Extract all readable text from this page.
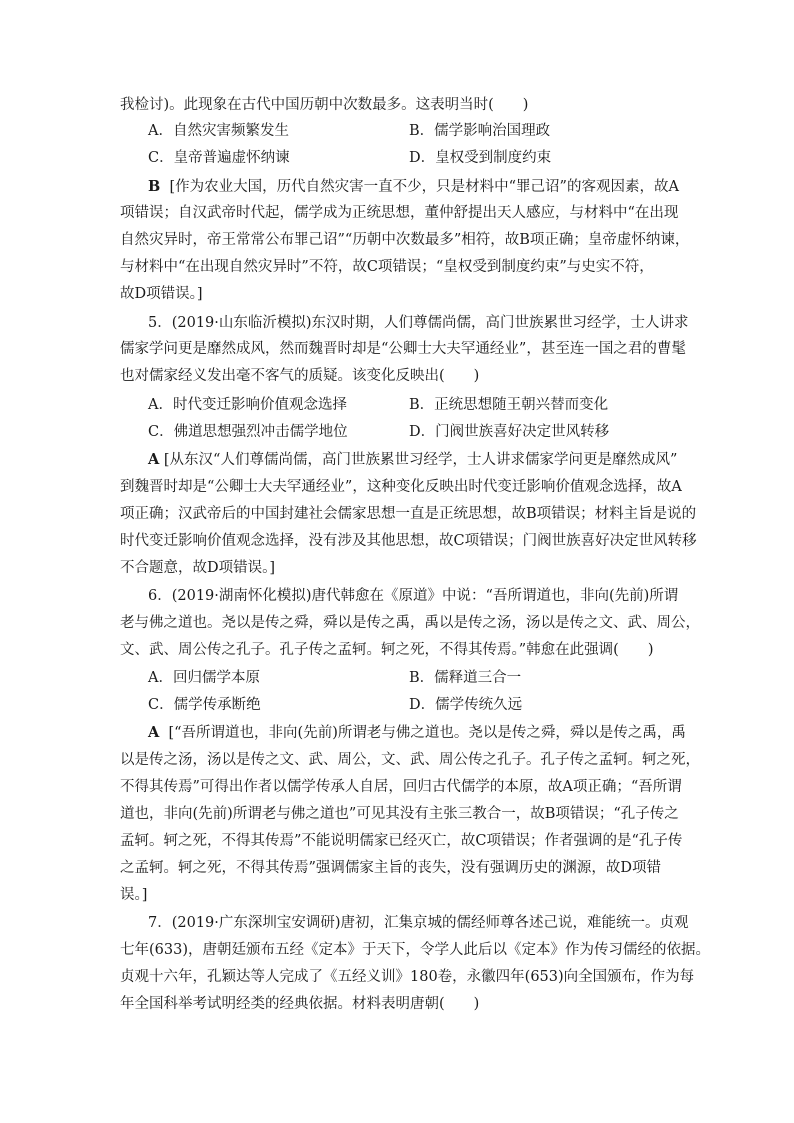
我检讨)。此现象在古代中国历朝中次数最多。这表明当时(　　)
A．自然灾害频繁发生	B．儒学影响治国理政
C．皇帝普遍虚怀纳谏	D．皇权受到制度约束
B [作为农业大国，历代自然灾害一直不少，只是材料中“罪己诏”的客观因素，故A
项错误；自汉武帝时代起，儒学成为正统思想，董仲舒提出天人感应，与材料中“在出现
自然灾异时，帝王常常公布罪己诏”“历朝中次数最多”相符，故B项正确；皇帝虚怀纳谏，
与材料中“在出现自然灾异时”不符，故C项错误；“皇权受到制度约束”与史实不符，
故D项错误。]
5．(2019·山东临沂模拟)东汉时期，人们尊儒尚儒，高门世族累世习经学，士人讲求
儒家学问更是靡然成风，然而魏晋时却是“公卿士大夫罕通经业”，甚至连一国之君的曹髦
也对儒家经义发出毫不客气的质疑。该变化反映出(　　)
A．时代变迁影响价值观念选择	B．正统思想随王朝兴替而变化
C．佛道思想强烈冲击儒学地位	D．门阀世族喜好决定世风转移
A [从东汉“人们尊儒尚儒，高门世族累世习经学，士人讲求儒家学问更是靡然成风”
到魏晋时却是“公卿士大夫罕通经业”，这种变化反映出时代变迁影响价值观念选择，故A
项正确；汉武帝后的中国封建社会儒家思想一直是正统思想，故B项错误；材料主旨是说的
时代变迁影响价值观念选择，没有涉及其他思想，故C项错误；门阀世族喜好决定世风转移
不合题意，故D项错误。]
6．(2019·湖南怀化模拟)唐代韩愈在《原道》中说：“吾所谓道也，非向(先前)所谓
老与佛之道也。尧以是传之舜，舜以是传之禹，禹以是传之汤，汤以是传之文、武、周公，
文、武、周公传之孔子。孔子传之孟轲。轲之死，不得其传焉。”韩愈在此强调(　　)
A．回归儒学本原	B．儒释道三合一
C．儒学传承断绝	D．儒学传统久远
A [“吾所谓道也，非向(先前)所谓老与佛之道也。尧以是传之舜，舜以是传之禹，禹
以是传之汤，汤以是传之文、武、周公，文、武、周公传之孔子。孔子传之孟轲。轲之死，
不得其传焉”可得出作者以儒学传承人自居，回归古代儒学的本原，故A项正确；“吾所谓
道也，非向(先前)所谓老与佛之道也”可见其没有主张三教合一，故B项错误；“孔子传之
孟轲。轲之死，不得其传焉”不能说明儒家已经灭亡，故C项错误；作者强调的是“孔子传
之孟轲。轲之死，不得其传焉”强调儒家主旨的丧失，没有强调历史的渊源，故D项错
误。]
7．(2019·广东深圳宝安调研)唐初，汇集京城的儒经师尊各述己说，难能统一。贞观
七年(633)，唐朝廷颁布五经《定本》于天下，令学人此后以《定本》作为传习儒经的依据。
贞观十六年，孔颖达等人完成了《五经义训》180卷，永徽四年(653)向全国颁布，作为每
年全国科举考试明经类的经典依据。材料表明唐朝(　　)
